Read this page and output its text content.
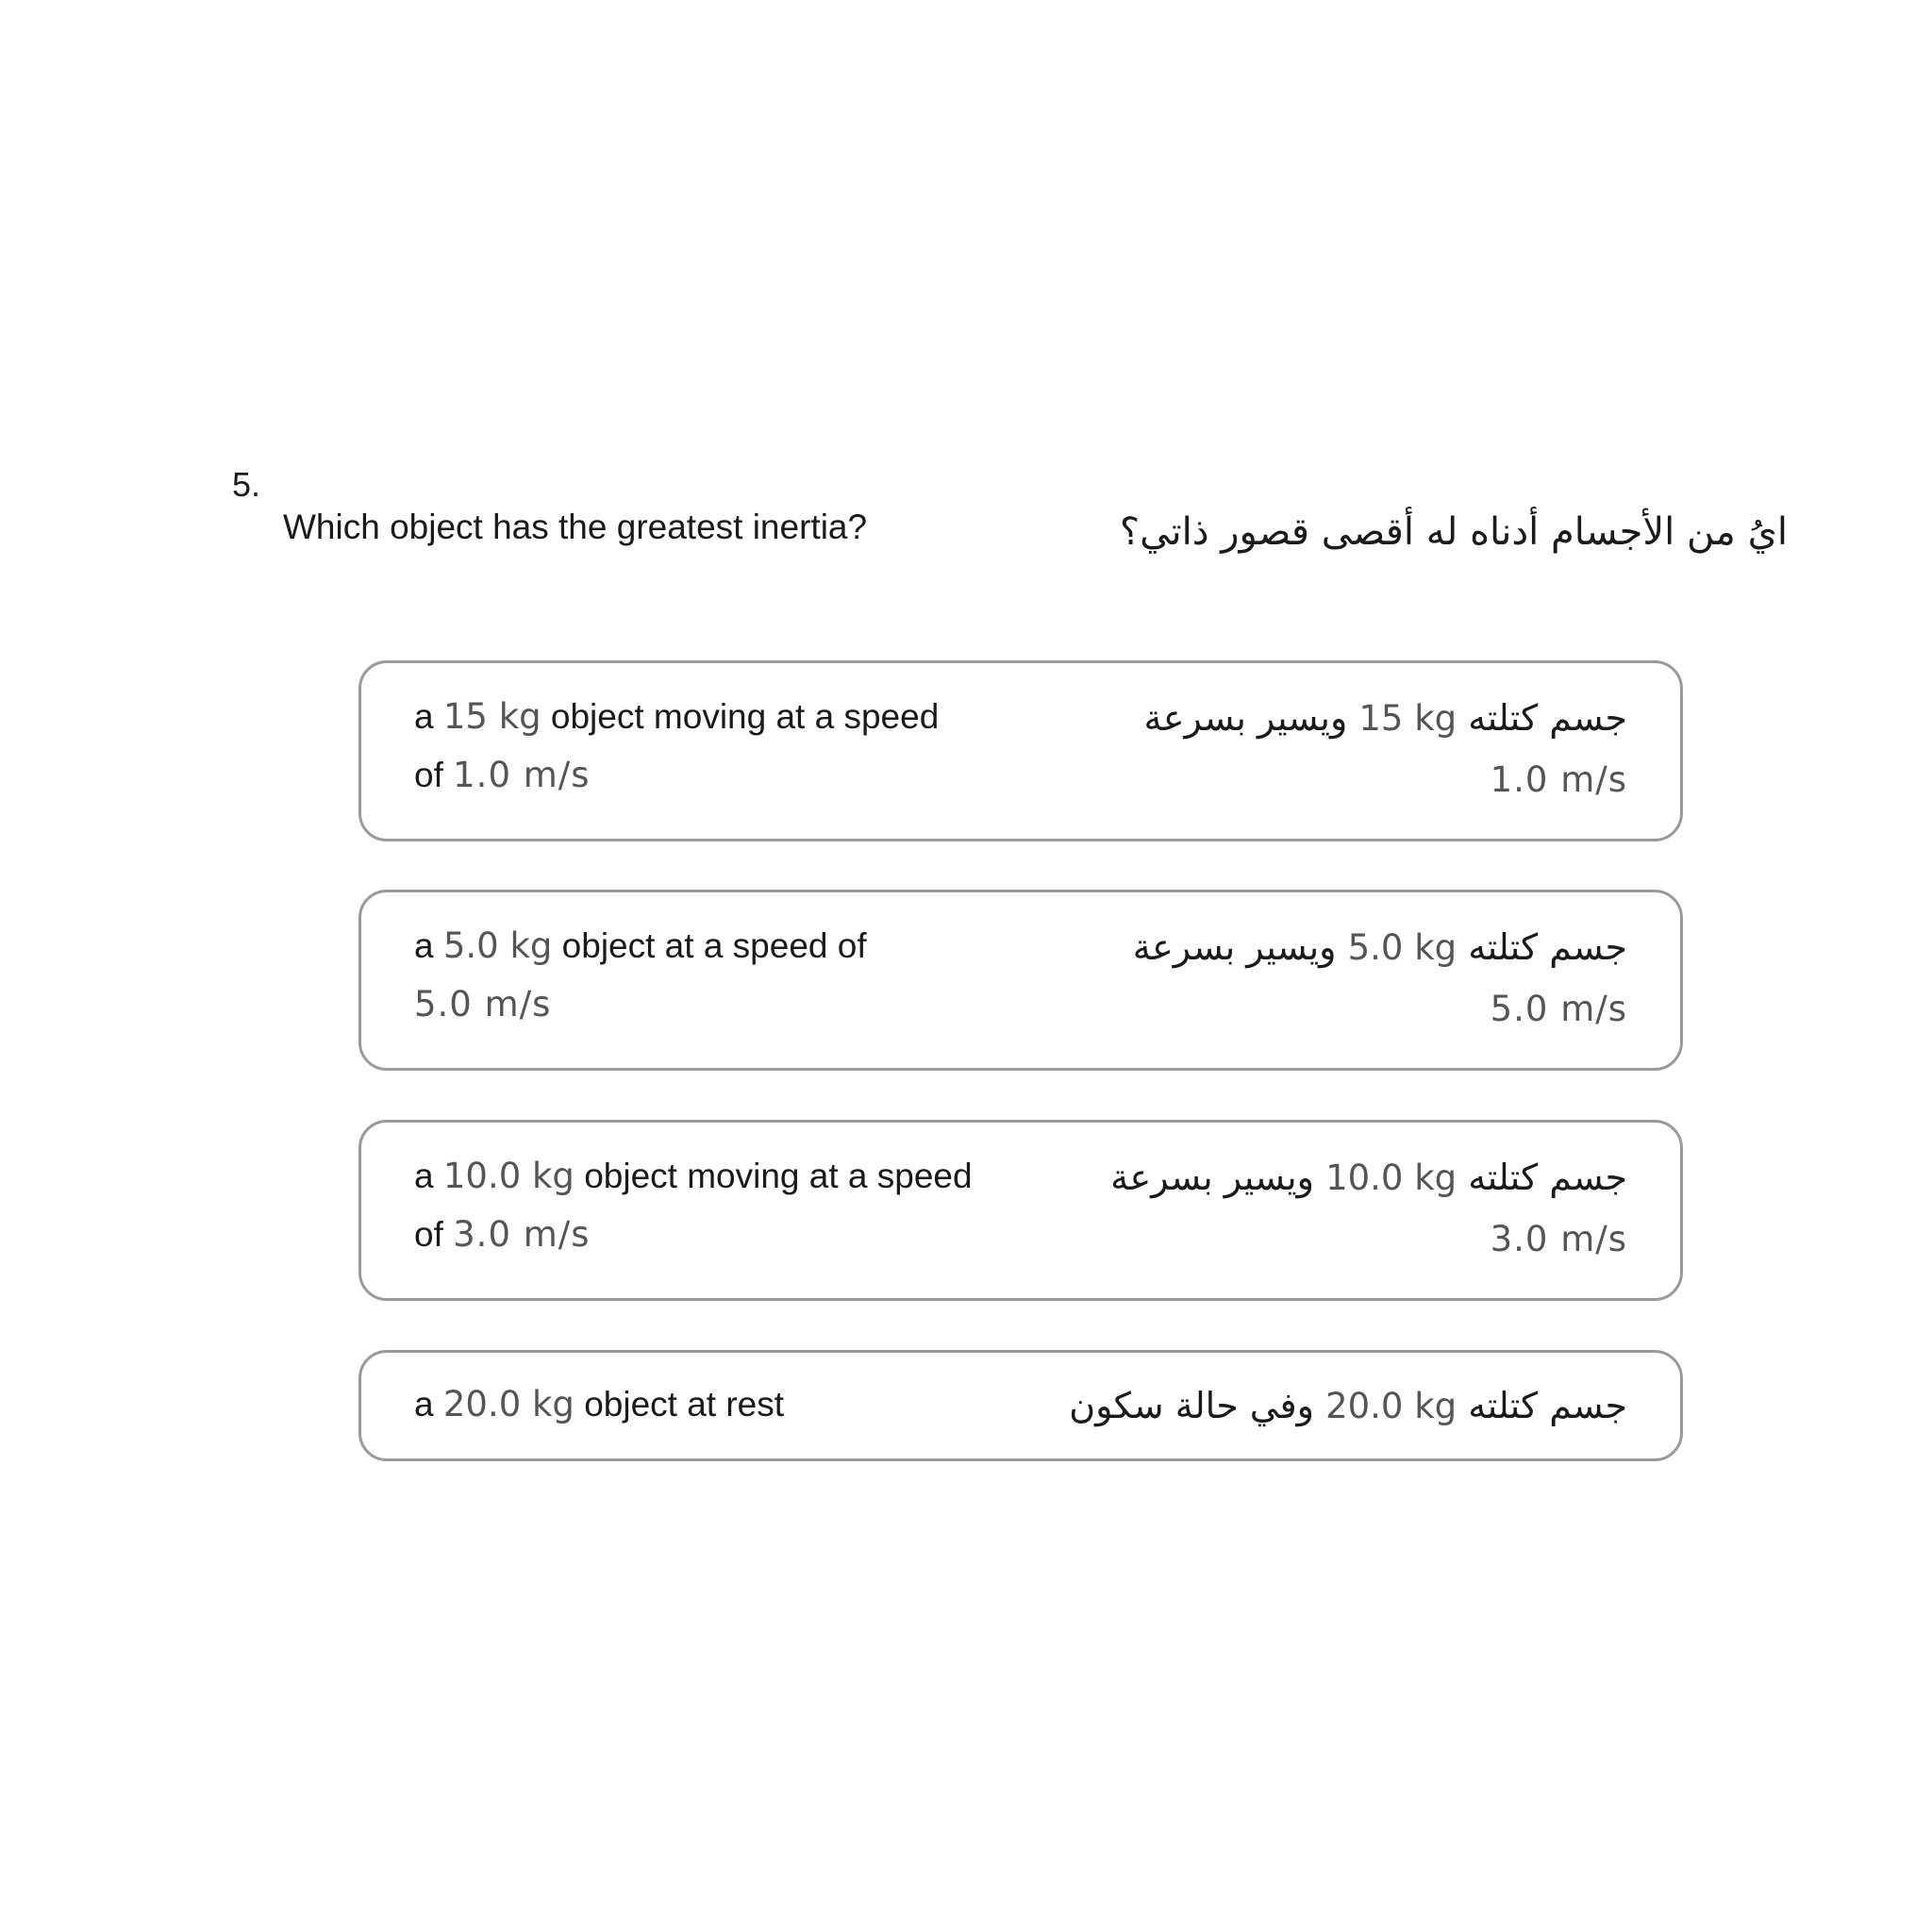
5.
Which object has the greatest inertia?	ايُ من الأجسام أدناه له أقصى قصور ذاتي؟
a 15 kg object moving at a speed
of 1.0 m/s
جسم كتلته 15 kg ويسير بسرعة
1.0 m/s
a 5.0 kg object at a speed of
5.0 m/s
جسم كتلته 5.0 kg ويسير بسرعة
5.0 m/s
a 10.0 kg object moving at a speed
of 3.0 m/s
جسم كتلته 10.0 kg ويسير بسرعة
3.0 m/s
a 20.0 kg object at rest	جسم كتلته 20.0 kg وفي حالة سكون
